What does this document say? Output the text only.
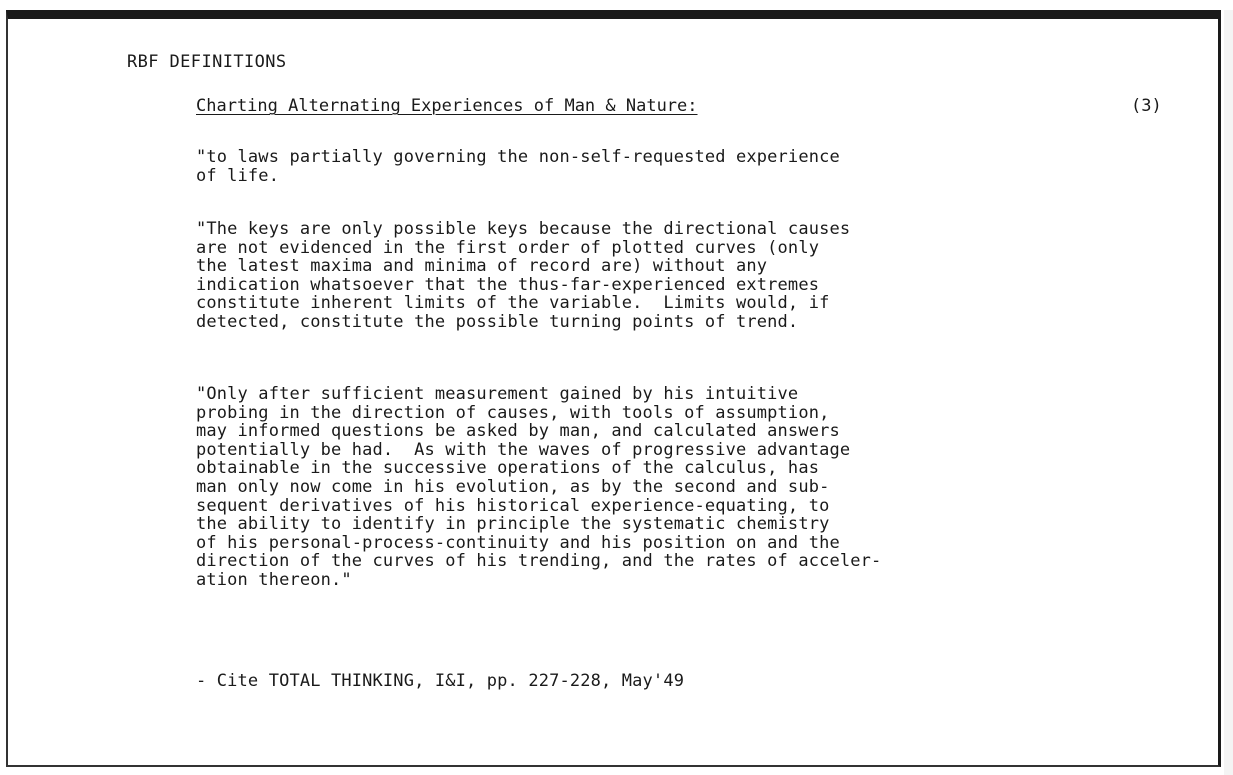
RBF DEFINITIONS
Charting Alternating Experiences of Man & Nature:	(3)
"to laws partially governing the non-self-requested experience
of life.
"The keys are only possible keys because the directional causes
are not evidenced in the first order of plotted curves (only
the latest maxima and minima of record are) without any
indication whatsoever that the thus-far-experienced extremes
constitute inherent limits of the variable.  Limits would, if
detected, constitute the possible turning points of trend.
"Only after sufficient measurement gained by his intuitive
probing in the direction of causes, with tools of assumption,
may informed questions be asked by man, and calculated answers
potentially be had.  As with the waves of progressive advantage
obtainable in the successive operations of the calculus, has
man only now come in his evolution, as by the second and sub-
sequent derivatives of his historical experience-equating, to
the ability to identify in principle the systematic chemistry
of his personal-process-continuity and his position on and the
direction of the curves of his trending, and the rates of acceler-
ation thereon."
- Cite TOTAL THINKING, I&I, pp. 227-228, May'49
